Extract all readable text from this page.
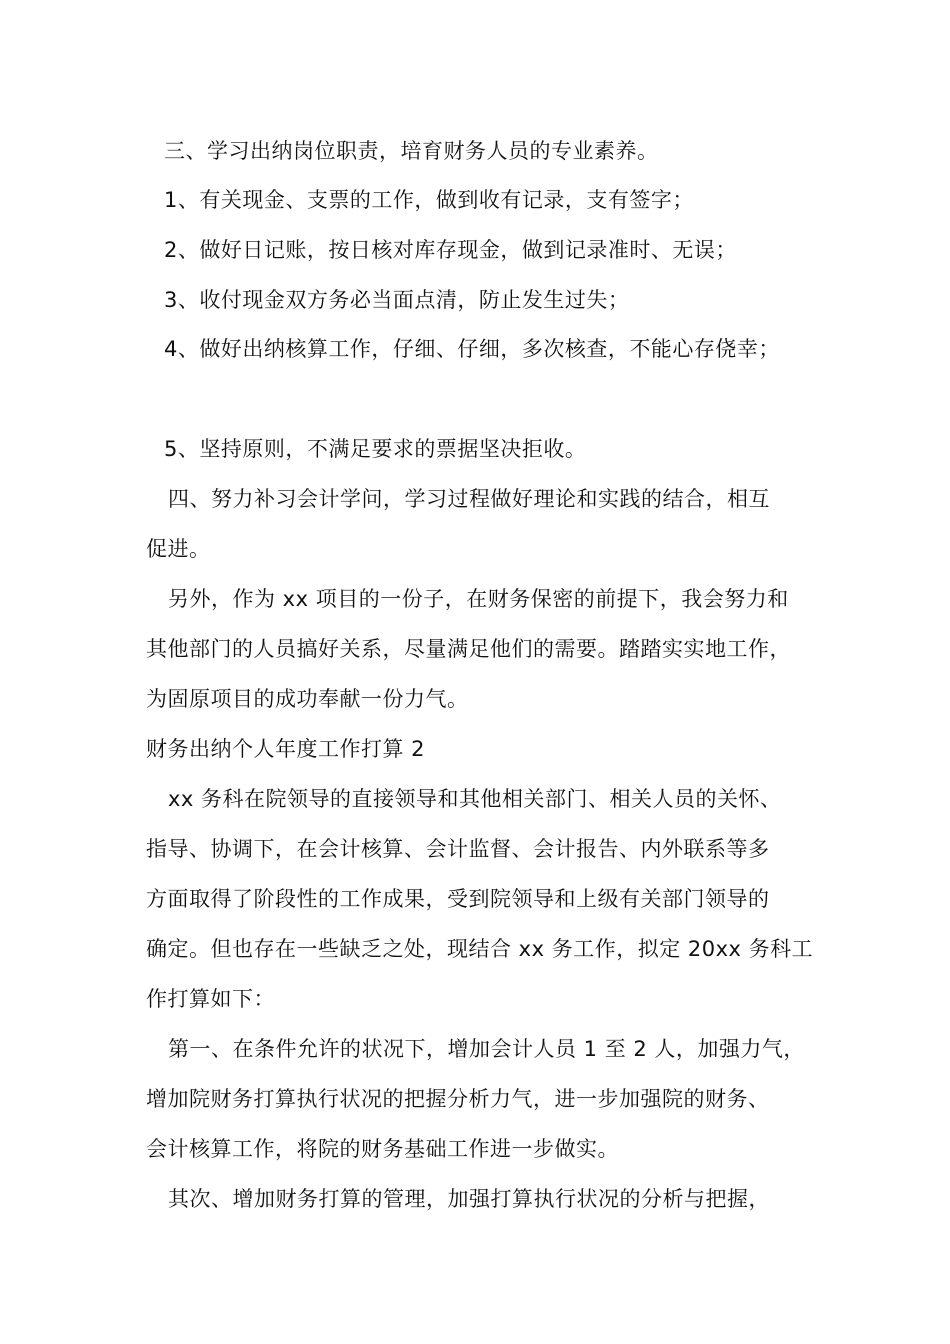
三、学习出纳岗位职责，培育财务人员的专业素养。
1、有关现金、支票的工作，做到收有记录，支有签字；
2、做好日记账，按日核对库存现金，做到记录准时、无误；
3、收付现金双方务必当面点清，防止发生过失；
4、做好出纳核算工作，仔细、仔细，多次核查，不能心存侥幸；
5、坚持原则，不满足要求的票据坚决拒收。
四、努力补习会计学问，学习过程做好理论和实践的结合，相互
促进。
另外，作为 xx 项目的一份子，在财务保密的前提下，我会努力和
其他部门的人员搞好关系，尽量满足他们的需要。踏踏实实地工作，
为固原项目的成功奉献一份力气。
财务出纳个人年度工作打算 2
xx 务科在院领导的直接领导和其他相关部门、相关人员的关怀、
指导、协调下，在会计核算、会计监督、会计报告、内外联系等多
方面取得了阶段性的工作成果，受到院领导和上级有关部门领导的
确定。但也存在一些缺乏之处，现结合 xx 务工作，拟定 20xx 务科工
作打算如下：
第一、在条件允许的状况下，增加会计人员 1 至 2 人，加强力气，
增加院财务打算执行状况的把握分析力气，进一步加强院的财务、
会计核算工作，将院的财务基础工作进一步做实。
其次、增加财务打算的管理，加强打算执行状况的分析与把握，
